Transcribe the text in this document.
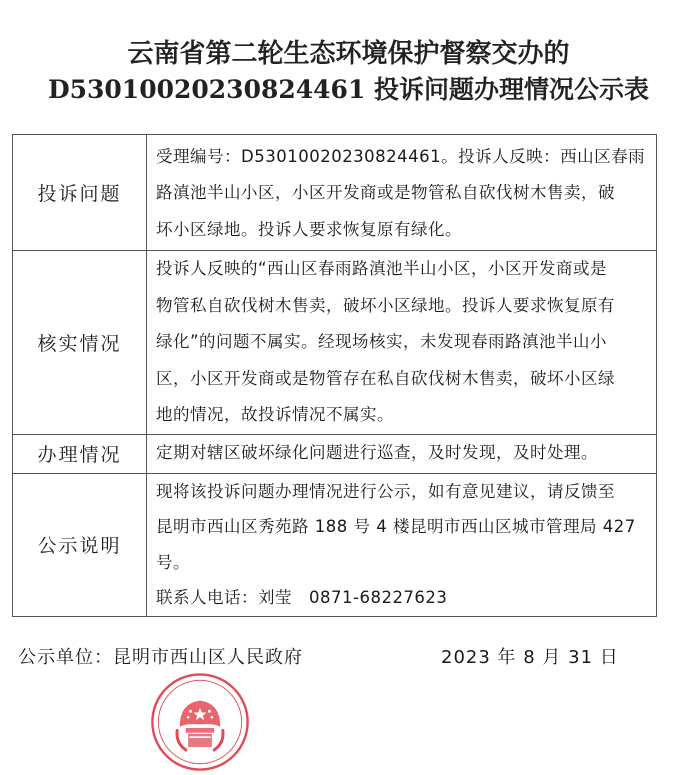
云南省第二轮生态环境保护督察交办的
D53010020230824461 投诉问题办理情况公示表
投诉问题	受理编号：D53010020230824461。投诉人反映：西山区春雨
路滇池半山小区，小区开发商或是物管私自砍伐树木售卖，破
坏小区绿地。投诉人要求恢复原有绿化。

核实情况	投诉人反映的“西山区春雨路滇池半山小区，小区开发商或是
物管私自砍伐树木售卖，破坏小区绿地。投诉人要求恢复原有
绿化”的问题不属实。经现场核实，未发现春雨路滇池半山小
区，小区开发商或是物管存在私自砍伐树木售卖，破坏小区绿
地的情况，故投诉情况不属实。

办理情况	定期对辖区破坏绿化问题进行巡查，及时发现，及时处理。

公示说明	现将该投诉问题办理情况进行公示，如有意见建议，请反馈至
昆明市西山区秀苑路 188 号 4 楼昆明市西山区城市管理局 427
号。
联系人电话：刘莹　0871-68227623
公示单位：昆明市西山区人民政府	2023 年 8 月 31 日
